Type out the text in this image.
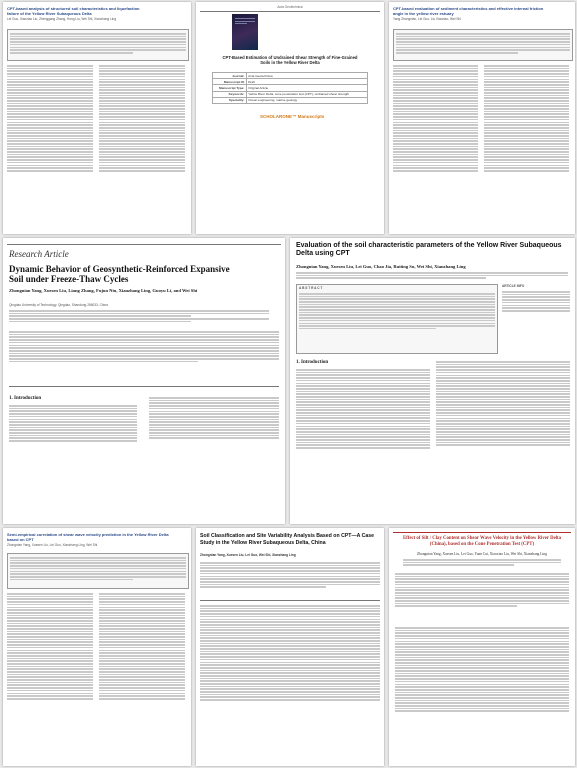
CPT-based analysis of structured soil characteristics and liquefaction failure of the Yellow River Subaqueous Delta
Lei Guo, Xiaoxiao Liu, Zhenggang Zhang, Hong Liu, Wei Shi, Xianzhang Ling
Acta Geotechnica
CPT-Based Estimation of Undrained Shear Strength of Fine-Grained Soils in the Yellow River Delta
Journal:	Acta Geotechnica
Manuscript ID	Draft
Manuscript Type:	Original Article
Keywords:	Yellow River Delta, cone penetration test (CPT), undrained shear strength
Speciality:	Ocean engineering, marine geology
SCHOLARONE™ Manuscripts
CPT-based evaluation of sediment characteristics and effective internal friction angle in the yellow river estuary
Yang Zhongnian, Lei Guo, Liu Xiaoxiao, Wei Shi
Research Article
Dynamic Behavior of Geosynthetic-Reinforced Expansive Soil under Freeze-Thaw Cycles
Zhongnian Yang, Xuesen Liu, Liang Zhang, Fujun Niu, Xianzhang Ling, Guoyu Li, and Wei Shi
Qingdao University of Technology, Qingdao, Shandong 266033, China
1. Introduction
Evaluation of the soil characteristic parameters of the Yellow River Subaqueous Delta using CPT
Zhongnian Yang, Xuesen Liu, Lei Guo, Chao Jia, Ruiting Su, Wei Shi, Xianzhang Ling
A B S T R A C T	ARTICLE INFO
1. Introduction
Semi-empirical correlation of shear wave velocity prediction in the Yellow River Delta based on CPT
Zhongnian Yang, Xuesen Liu, Lei Guo, Xianzhang Ling, Wei Shi
Soil Classification and Site Variability Analysis Based on CPT—A Case Study in the Yellow River Subaqueous Delta, China
Zhongnian Yang, Xuesen Liu, Lei Guo, Wei Shi, Xianzhang Ling
Effect of Silt / Clay Content on Shear Wave Velocity in the Yellow River Delta (China), based on the Cone Penetration Test (CPT)
Zhongnian Yang, Xuesen Liu, Lei Guo, Yuan Cui, Xiaoxiao Liu, Wei Shi, Xianzhang Ling
